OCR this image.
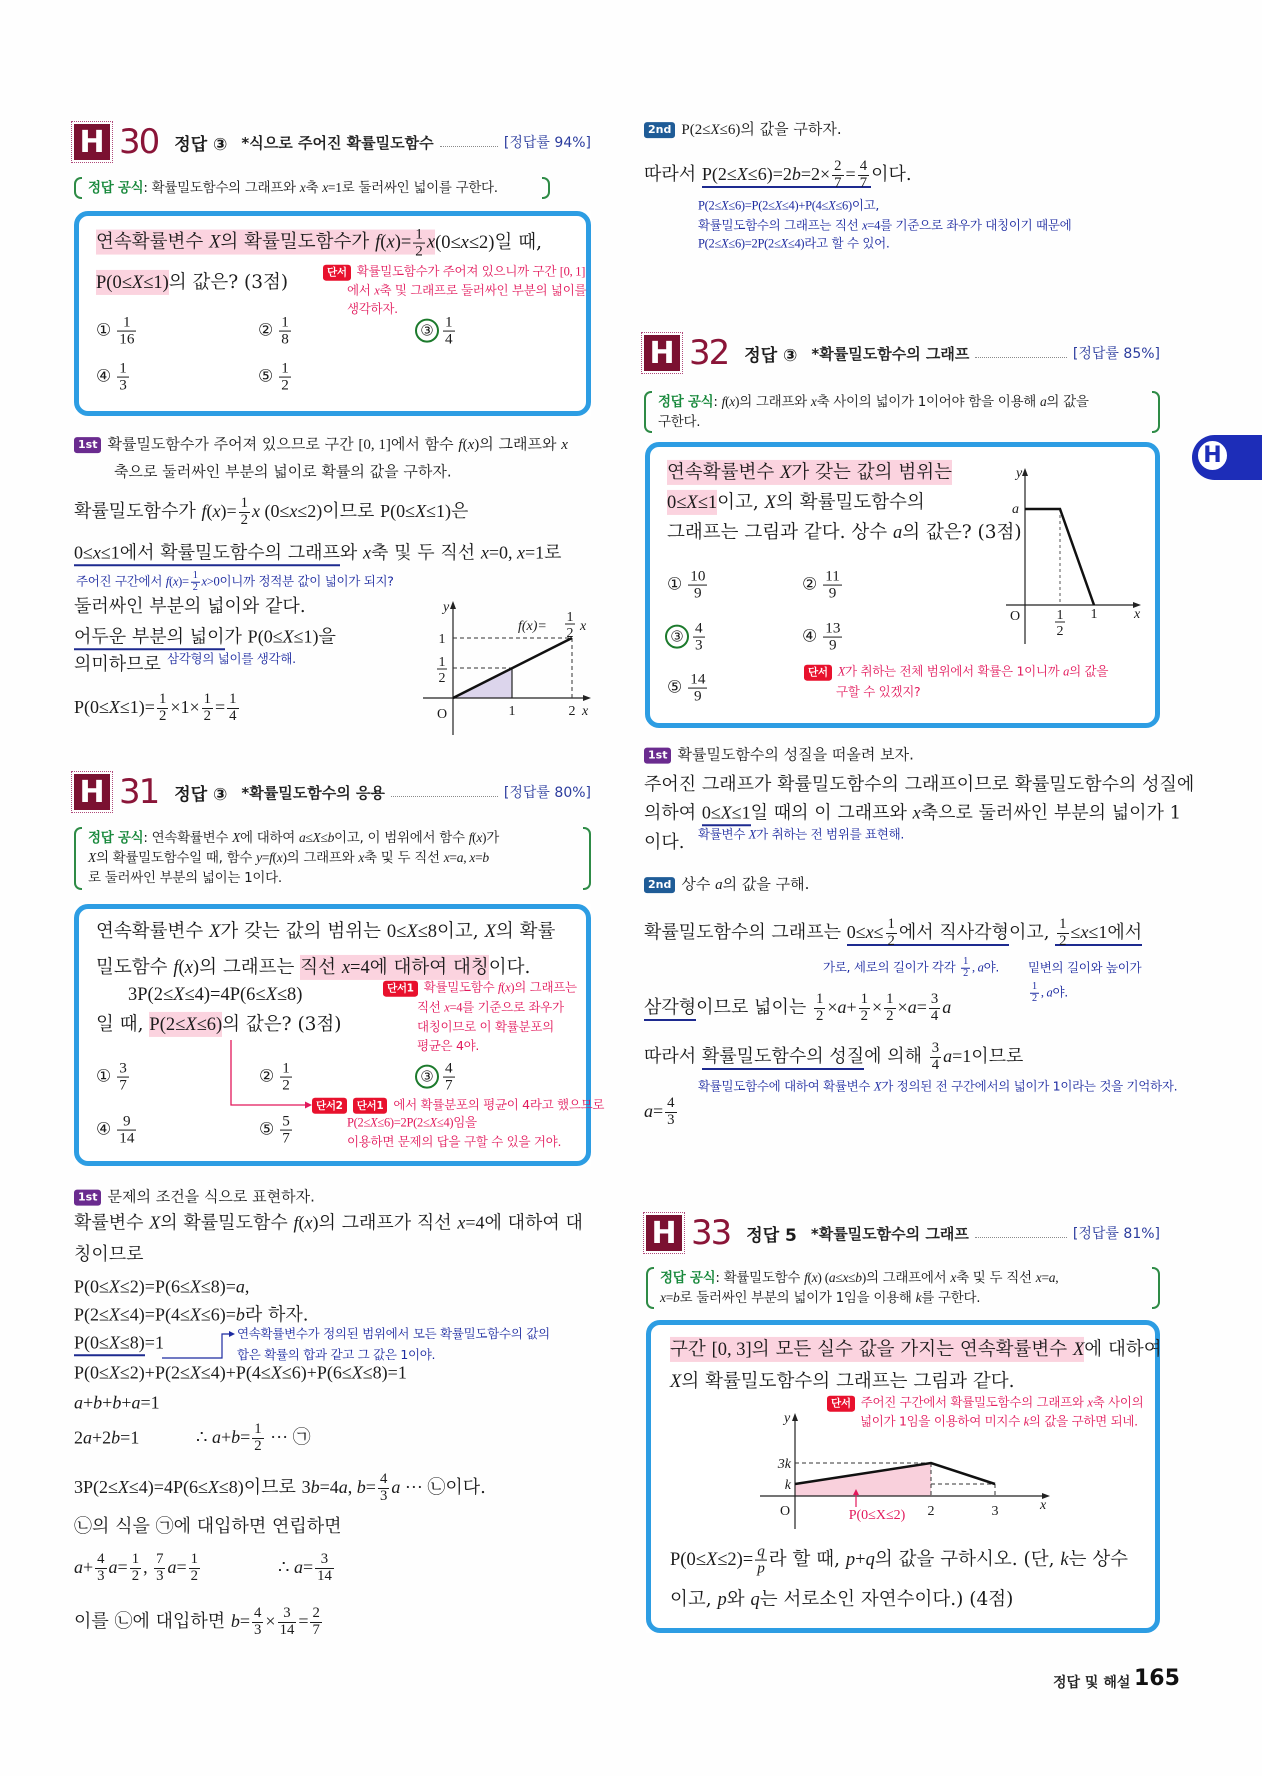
H 30 정답 ③ *식으로 주어진 확률밀도함수	[정답률 94%]
정답 공식: 확률밀도함수의 그래프와 x축 x=1로 둘러싸인 넓이를 구한다.
연속확률변수 X의 확률밀도함수가 $f(x)= \frac{1}{2} x(0\le x\le 2)$일 때,
P(0≤X≤1)의 값은? (3점)	단서 확률밀도함수가 주어져 있으니까 구간 [0, 1]
에서 x축 및 그래프로 둘러싸인 부분의 넓이를
생각하자.
① $\frac{1}{16}$	② $\frac{1}{8}$	③ $\frac{1}{4}$
④ $\frac{1}{3}$	⑤ $\frac{1}{2}$
1st 확률밀도함수가 주어져 있으므로 구간 [0, 1]에서 함수 f(x)의 그래프와 x
축으로 둘러싸인 부분의 넓이로 확률의 값을 구하자.
확률밀도함수가 $f(x)= \frac{1}{2}$ x (0≤x≤2)이므로 P(0≤X≤1)은
0≤x≤1에서 확률밀도함수의 그래프와 x축 및 두 직선 x=0, x=1로
주어진 구간에서 $f(x)= \frac{1}{2} x>0$이니까 정적분 값이 넓이가 되지?
둘러싸인 부분의 넓이와 같다.
어두운 부분의 넓이가 P(0≤X≤1)을
의미하므로 삼각형의 넓이를 생각해.
$P(0\le X\le 1)= \frac{1}{2} \times 1\times \frac{1}{2} = \frac{1}{4}$
y
f(x)=
1
2 x
1
1
2
O	1	2 x
H 31 정답 ③ *확률밀도함수의 응용	[정답률 80%]
정답 공식: 연속확률변수 X에 대하여 a≤X≤b이고, 이 범위에서 함수 f(x)가
X의 확률밀도함수일 때, 함수 y=f(x)의 그래프와 x축 및 두 직선 x=a, x=b
로 둘러싸인 부분의 넓이는 1이다.
연속확률변수 X가 갖는 값의 범위는 0≤X≤8이고, X의 확률
밀도함수 f(x)의 그래프는 직선 x=4에 대하여 대칭이다.
3P(2≤X≤4)=4P(6≤X≤8)
일 때, P(2≤X≤6)의 값은? (3점)
단서1 확률밀도함수 f(x)의 그래프는
직선 x=4를 기준으로 좌우가
대칭이므로 이 확률분포의
평균은 4야.
① $\frac{3}{7}$	② $\frac{1}{2}$	③ $\frac{4}{7}$
④ $\frac{9}{14}$	⑤ $\frac{5}{7}$
단서2 단서1 에서 확률분포의 평균이 4라고 했으므로
P(2≤X≤6)=2P(2≤X≤4)임을
이용하면 문제의 답을 구할 수 있을 거야.
1st 문제의 조건을 식으로 표현하자.
확률변수 X의 확률밀도함수 f(x)의 그래프가 직선 x=4에 대하여 대
칭이므로
P(0≤X≤2)=P(6≤X≤8)=a,
P(2≤X≤4)=P(4≤X≤6)=b라 하자.
P(0≤X≤8)=1	연속확률변수가 정의된 범위에서 모든 확률밀도함수의 값의
합은 확률의 합과 같고 그 값은 1이야.
P(0≤X≤2)+P(2≤X≤4)+P(4≤X≤6)+P(6≤X≤8)=1
a+b+b+a=1
2a+2b=1	∴ $a+b= \frac{1}{2}$ ··· ㉠
3P(2≤X≤4)=4P(6≤X≤8)이므로 3b=4a, $b= \frac{4}{3}$ a ··· ㉡이다.
㉡의 식을 ㉠에 대입하면 연립하면
$a+ \frac{4}{3} a= \frac{1}{2}$ , $\frac{7}{3} a= \frac{1}{2}$	∴ $a= \frac{3}{14}$
이를 ㉡에 대입하면 $b= \frac{4}{3} \times \frac{3}{14} = \frac{2}{7}$
2nd P(2≤X≤6)의 값을 구하자.
따라서 $P(2\le X\le 6)=2b=2\times \frac{2}{7} = \frac{4}{7}$ 이다.
P(2≤X≤6)=P(2≤X≤4)+P(4≤X≤6)이고,
확률밀도함수의 그래프는 직선 x=4를 기준으로 좌우가 대칭이기 때문에
P(2≤X≤6)=2P(2≤X≤4)라고 할 수 있어.
H 32 정답 ③ *확률밀도함수의 그래프	[정답률 85%]
정답 공식: f(x)의 그래프와 x축 사이의 넓이가 1이어야 함을 이용해 a의 값을
구한다.
연속확률변수 X가 갖는 값의 범위는
0≤X≤1이고, X의 확률밀도함수의
그래프는 그림과 같다. 상수 a의 값은? (3점)
① $\frac{10}{9}$	② $\frac{11}{9}$
③ $\frac{4}{3}$	④ $\frac{13}{9}$
⑤ $\frac{14}{9}$	단서 X가 취하는 전체 범위에서 확률은 1이니까 a의 값을
구할 수 있겠지?
y
a
O	1
2
1	x
1st 확률밀도함수의 성질을 떠올려 보자.
주어진 그래프가 확률밀도함수의 그래프이므로 확률밀도함수의 성질에
의하여 0≤X≤1일 때의 이 그래프와 x축으로 둘러싸인 부분의 넓이가 1
이다. 확률변수 X가 취하는 전 범위를 표현해.
2nd 상수 a의 값을 구해.
확률밀도함수의 그래프는 $0\le x\le \frac{1}{2}$ 에서 직사각형이고, $\frac{1}{2} \le x\le 1$에서
가로, 세로의 길이가 각각 $\frac{1}{2}$ , a야. 밑변의 길이와 높이가
$\frac{1}{2}$ , a야.
삼각형이므로 넓이는 $\frac{1}{2} \times a+ \frac{1}{2} \times \frac{1}{2} \times a= \frac{3}{4}$ a
따라서 확률밀도함수의 성질에 의해 $\frac{3}{4} a=1$이므로
확률밀도함수에 대하여 확률변수 X가 정의된 전 구간에서의 넓이가 1이라는 것을 기억하자.
$a= \frac{4}{3}$
H 33 정답 5 *확률밀도함수의 그래프	[정답률 81%]
정답 공식: 확률밀도함수 f(x) (a≤x≤b)의 그래프에서 x축 및 두 직선 x=a,
x=b로 둘러싸인 부분의 넓이가 1임을 이용해 k를 구한다.
구간 [0, 3]의 모든 실수 값을 가지는 연속확률변수 X에 대하여
X의 확률밀도함수의 그래프는 그림과 같다.
y
3k
k
O	2	3	x
P(0≤X≤2)
단서 주어진 구간에서 확률밀도함수의 그래프와 x축 사이의
넓이가 1임을 이용하여 미지수 k의 값을 구하면 되네.
$P(0\le X\le 2)= \frac{q}{p}$ 라 할 때, p+q의 값을 구하시오. (단, k는 상수
이고, p와 q는 서로소인 자연수이다.) (4점)
H
정답 및 해설 165
